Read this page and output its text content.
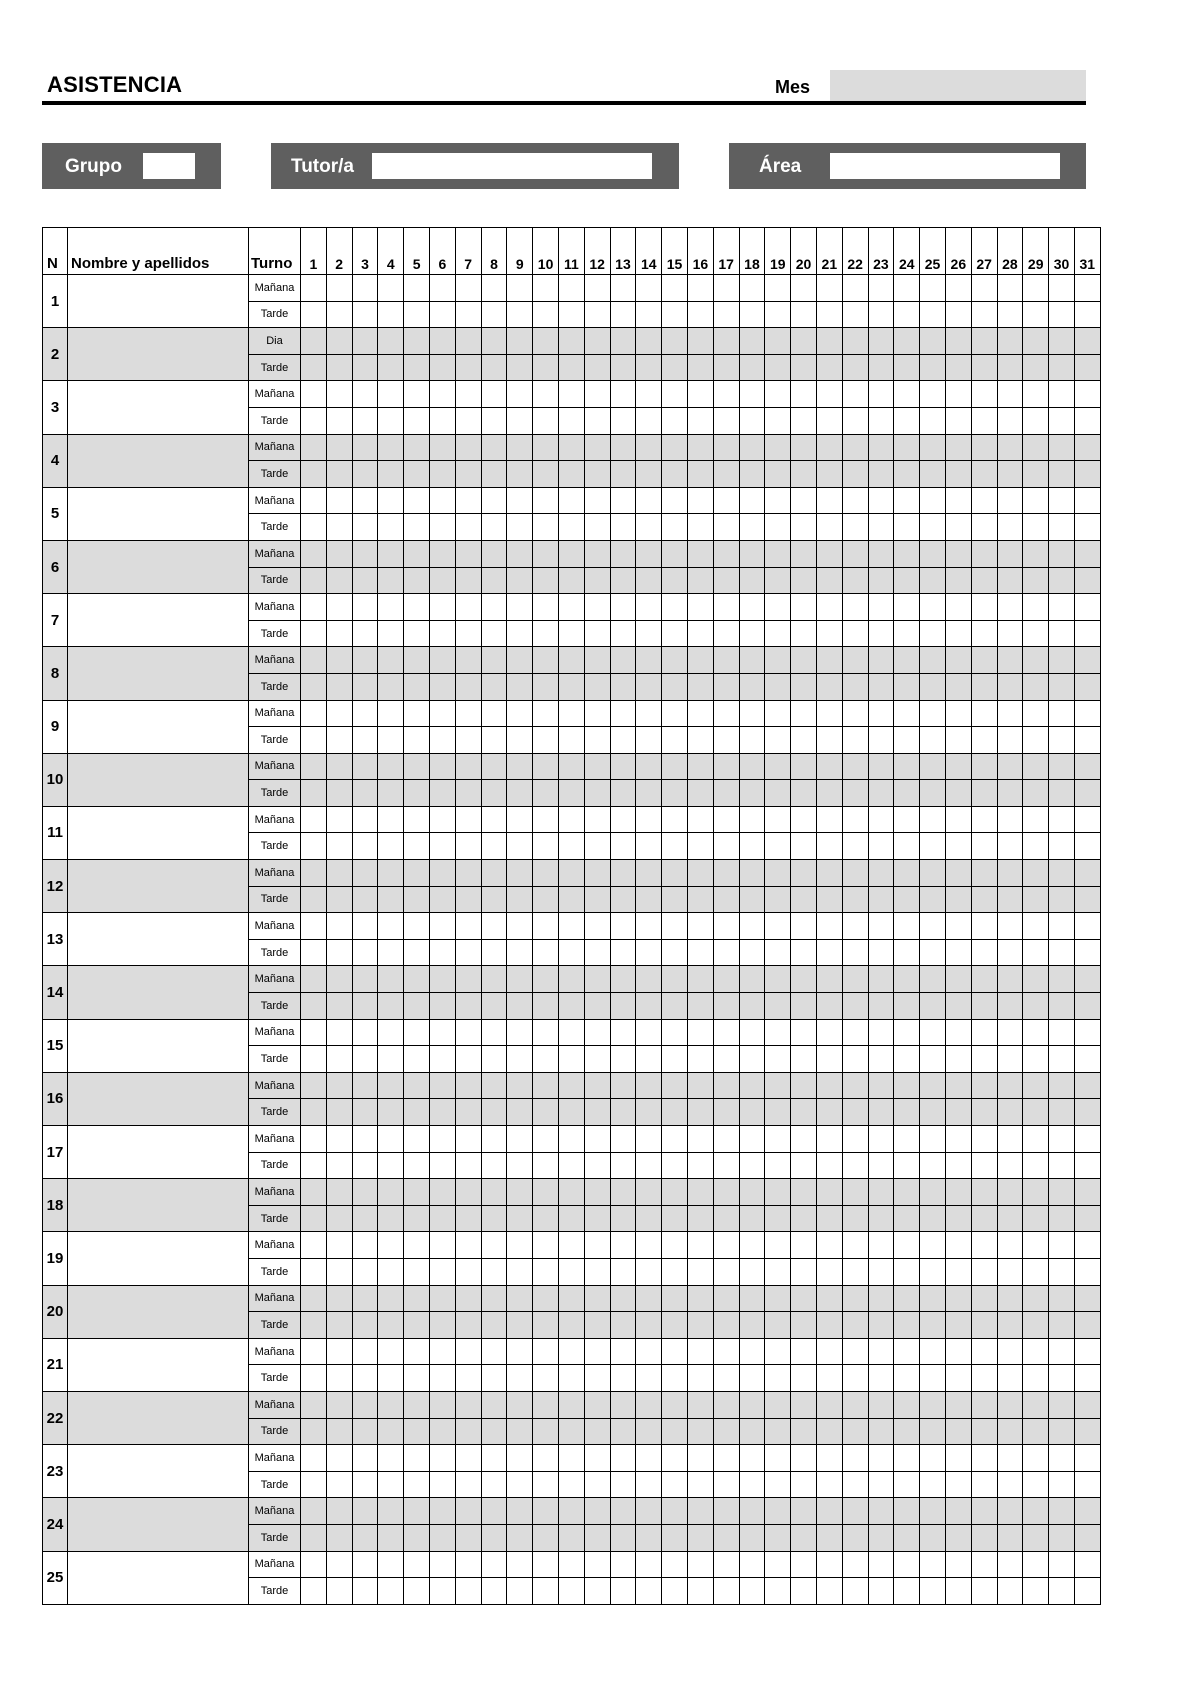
ASISTENCIA	Mes
Grupo	Tutor/a	Área
N	Nombre y apellidos	Turno	1	2	3	4	5	6	7	8	9	10	11	12	13	14	15	16	17	18	19	20	21	22	23	24	25	26	27	28	29	30	31
1		Mañana																															
		Tarde																															
2		Dia																															
		Tarde																															
3		Mañana																															
		Tarde																															
4		Mañana																															
		Tarde																															
5		Mañana																															
		Tarde																															
6		Mañana																															
		Tarde																															
7		Mañana																															
		Tarde																															
8		Mañana																															
		Tarde																															
9		Mañana																															
		Tarde																															
10		Mañana																															
		Tarde																															
11		Mañana																															
		Tarde																															
12		Mañana																															
		Tarde																															
13		Mañana																															
		Tarde																															
14		Mañana																															
		Tarde																															
15		Mañana																															
		Tarde																															
16		Mañana																															
		Tarde																															
17		Mañana																															
		Tarde																															
18		Mañana																															
		Tarde																															
19		Mañana																															
		Tarde																															
20		Mañana																															
		Tarde																															
21		Mañana																															
		Tarde																															
22		Mañana																															
		Tarde																															
23		Mañana																															
		Tarde																															
24		Mañana																															
		Tarde																															
25		Mañana																															
		Tarde																															
